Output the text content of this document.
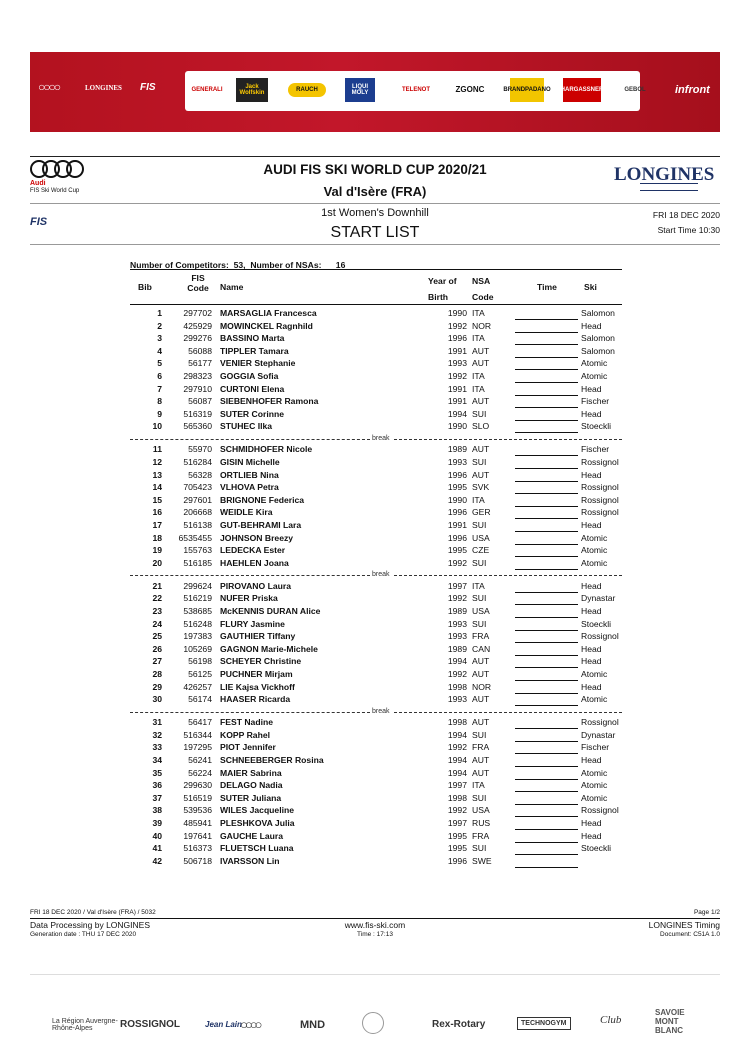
○○○○	LONGINES FIS	GENERALI	Jack Wolfskin	RAUCH	LIQUI MOLY	TELENOT	ZGONC	BRANDPADANO HARGASSNER	GEBOL	infront
Audi
FIS Ski World Cup
AUDI FIS SKI WORLD CUP 2020/21
Val d'Isère (FRA)
LONGINES
FIS
1st Women's Downhill
START LIST
FRI 18 DEC 2020
Start Time 10:30
Number of Competitors:  53,  Number of NSAs:      16
Bib
FIS
Code	Name
Year of
Birth
NSA
Code
Time	Ski
1	297702 MARSAGLIA Francesca	1990 ITA	Salomon
2	425929 MOWINCKEL Ragnhild	1992 NOR	Head
3	299276 BASSINO Marta	1996 ITA	Salomon
4	56088 TIPPLER Tamara	1991 AUT	Salomon
5	56177 VENIER Stephanie	1993 AUT	Atomic
6	298323 GOGGIA Sofia	1992 ITA	Atomic
7	297910 CURTONI Elena	1991 ITA	Head
8	56087 SIEBENHOFER Ramona	1991 AUT	Fischer
9	516319 SUTER Corinne	1994 SUI	Head
10	565360 STUHEC Ilka	1990 SLO	Stoeckli
break
11	55970 SCHMIDHOFER Nicole	1989 AUT	Fischer
12	516284 GISIN Michelle	1993 SUI	Rossignol
13	56328 ORTLIEB Nina	1996 AUT	Head
14	705423 VLHOVA Petra	1995 SVK	Rossignol
15	297601 BRIGNONE Federica	1990 ITA	Rossignol
16	206668 WEIDLE Kira	1996 GER	Rossignol
17	516138 GUT-BEHRAMI Lara	1991 SUI	Head
18	6535455 JOHNSON Breezy	1996 USA	Atomic
19	155763 LEDECKA Ester	1995 CZE	Atomic
20	516185 HAEHLEN Joana	1992 SUI	Atomic
break
21	299624 PIROVANO Laura	1997 ITA	Head
22	516219 NUFER Priska	1992 SUI	Dynastar
23	538685 McKENNIS DURAN Alice	1989 USA	Head
24	516248 FLURY Jasmine	1993 SUI	Stoeckli
25	197383 GAUTHIER Tiffany	1993 FRA	Rossignol
26	105269 GAGNON Marie-Michele	1989 CAN	Head
27	56198 SCHEYER Christine	1994 AUT	Head
28	56125 PUCHNER Mirjam	1992 AUT	Atomic
29	426257 LIE Kajsa Vickhoff	1998 NOR	Head
30	56174 HAASER Ricarda	1993 AUT	Atomic
break
31	56417 FEST Nadine	1998 AUT	Rossignol
32	516344 KOPP Rahel	1994 SUI	Dynastar
33	197295 PIOT Jennifer	1992 FRA	Fischer
34	56241 SCHNEEBERGER Rosina	1994 AUT	Head
35	56224 MAIER Sabrina	1994 AUT	Atomic
36	299630 DELAGO Nadia	1997 ITA	Atomic
37	516519 SUTER Juliana	1998 SUI	Atomic
38	539536 WILES Jacqueline	1992 USA	Rossignol
39	485941 PLESHKOVA Julia	1997 RUS	Head
40	197641 GAUCHE Laura	1995 FRA	Head
41	516373 FLUETSCH Luana	1995 SUI	Stoeckli
42	506718 IVARSSON Lin	1996 SWE
FRI 18 DEC 2020 / Val d'Isère (FRA) / 5032	Page 1/2
Data Processing by LONGINES	www.fis-ski.com	LONGINES Timing
Generation date : THU 17 DEC 2020	Time : 17:13	Document: C51A 1.0
La Région Auvergne-Rhône-Alpes	ROSSIGNOL	Jean Lain
○○○○	MND	Rex-Rotary	TECHNOGYM	Club
SAVOIE MONT BLANC
